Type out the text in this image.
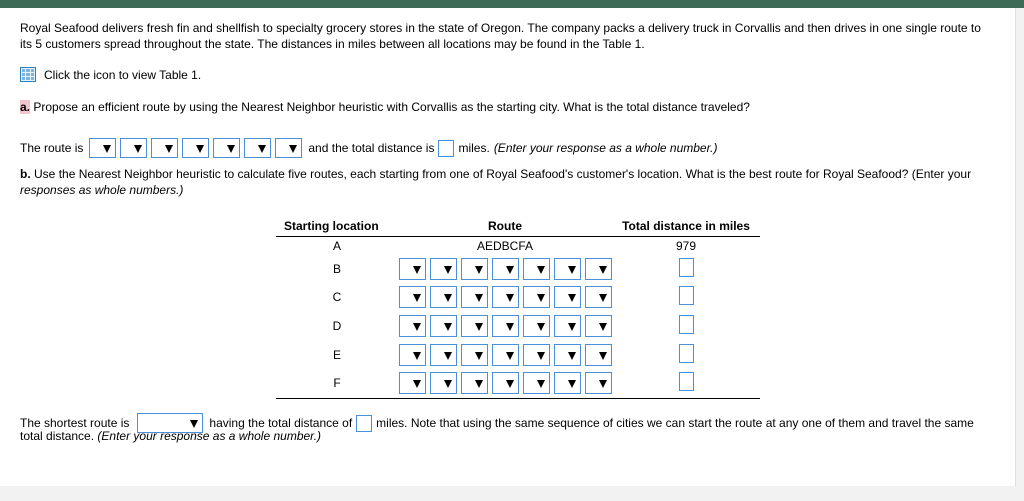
Royal Seafood delivers fresh fin and shellfish to specialty grocery stores in the state of Oregon. The company packs a delivery truck in Corvallis and then drives in one single route to
its 5 customers spread throughout the state. The distances in miles between all locations may be found in the Table 1.
Click the icon to view Table 1.
a. Propose an efficient route by using the Nearest Neighbor heuristic with Corvallis as the starting city. What is the total distance traveled?
The route is	and the total distance is miles. (Enter your response as a whole number.)
b. Use the Nearest Neighbor heuristic to calculate five routes, each starting from one of Royal Seafood's customer's location. What is the best route for Royal Seafood? (Enter your
responses as whole numbers.)
Starting location	Route	Total distance in miles
A	AEDBCFA	979
B	

C	

D	

E	

F	

The shortest route is	having the total distance of miles. Note that using the same sequence of cities we can start the route at any one of them and travel the same
total distance. (Enter your response as a whole number.)
